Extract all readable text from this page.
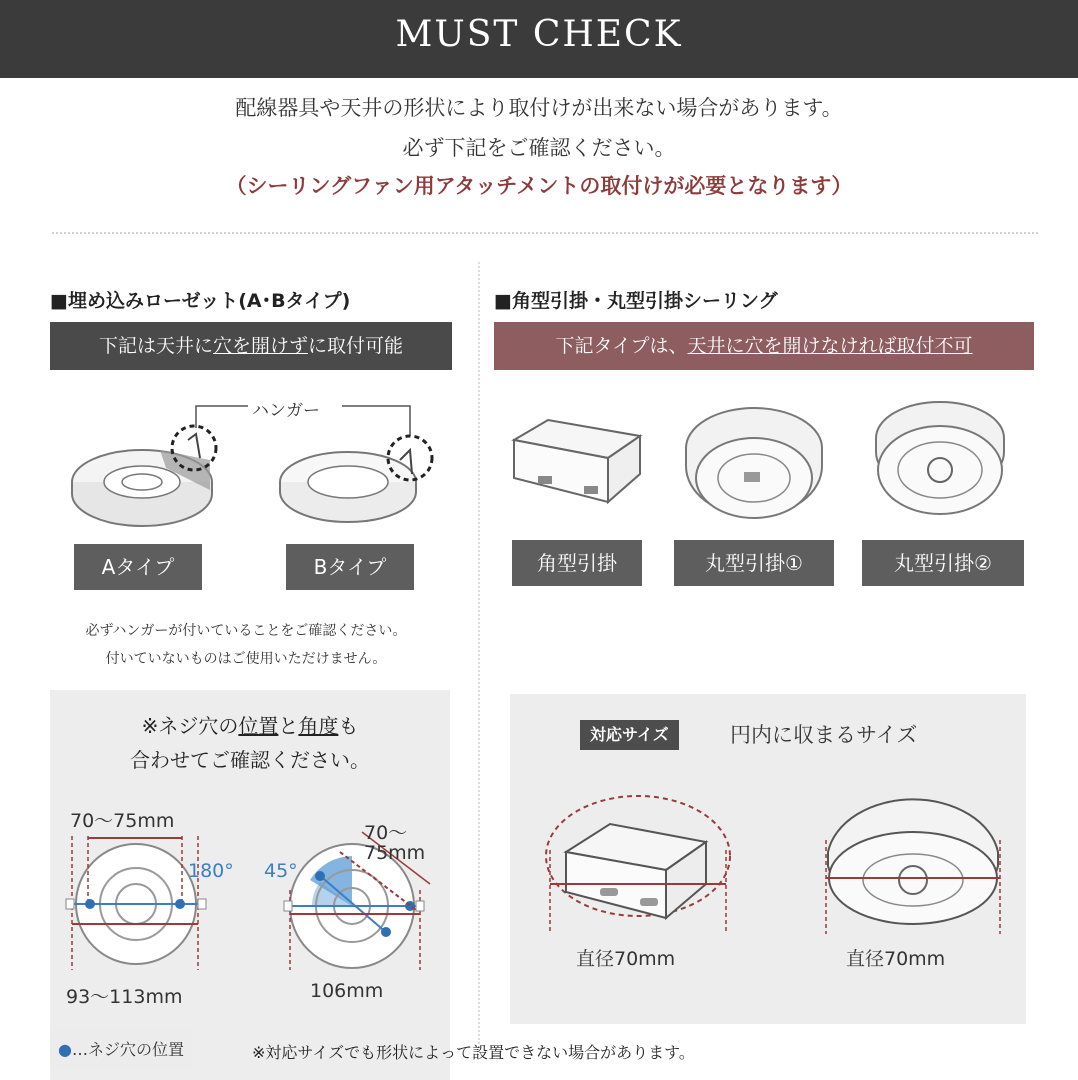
MUST CHECK
配線器具や天井の形状により取付けが出来ない場合があります。
必ず下記をご確認ください。
（シーリングファン用アタッチメントの取付けが必要となります）
■埋め込みローゼット(A･Bタイプ)
下記は天井に穴を開けずに取付可能
ハンガー
Aタイプ	Bタイプ
必ずハンガーが付いていることをご確認ください。
付いていないものはご使用いただけません。
■角型引掛・丸型引掛シーリング
下記タイプは、天井に穴を開けなければ取付不可
角型引掛	丸型引掛①	丸型引掛②
※ネジ穴の位置と角度も
合わせてご確認ください。
70～75mm
180°
93～113mm
45°
70～
75mm
106mm
対応サイズ	円内に収まるサイズ
直径70mm	直径70mm
●…ネジ穴の位置	※対応サイズでも形状によって設置できない場合があります。
